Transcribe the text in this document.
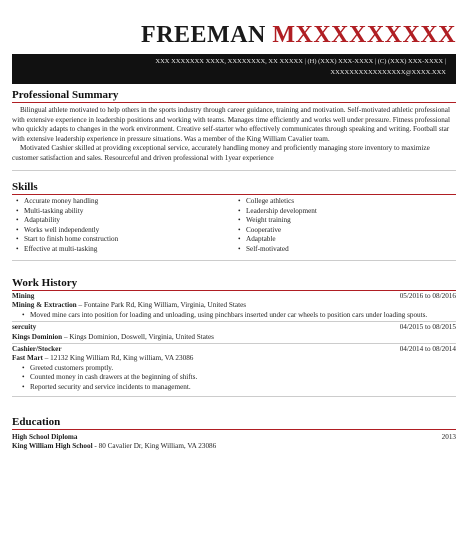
FREEMAN MXXXXXXXXX
XXX XXXXXXX XXXX, XXXXXXXX, XX XXXXX | (H) (XXX) XXX-XXXX | (C) (XXX) XXX-XXXX |
XXXXXXXXXXXXXXXX@XXXX.XXX
Professional Summary

Bilingual athlete motivated to help others in the sports industry through career guidance, training and motivation. Self-motivated athletic professional with extensive experience in leadership positions and working with teams. Manages time efficiently and works well under pressure. Fitness professional who quickly adapts to changes in the work environment. Creative self-starter who effectively communicates through speaking and writing. Football star with extensive leadership experience in pressure situations. Was a member of the King William Cavalier team.

Motivated Cashier skilled at providing exceptional service, accurately handling money and proficiently managing store inventory to maximize customer satisfaction and sales. Resourceful and driven professional with 1year experience

Skills
• Accurate money handling
• Multi-tasking ability
• Adaptability
• Works well independently
• Start to finish home construction
• Effective at multi-tasking
• College athletics
• Leadership development
• Weight training
• Cooperative
• Adaptable
• Self-motivated
Work History
Mining	05/2016 to 08/2016
Mining & Extraction – Fontaine Park Rd, King William, Virginia, United States
• Moved mine cars into position for loading and unloading, using pinchbars inserted under car wheels to position cars under loading spouts.
sercuity	04/2015 to 08/2015
Kings Dominion – Kings Dominion, Doswell, Virginia, United States
Cashier/Stocker	04/2014 to 08/2014
Fast Mart – 12132 King William Rd, King william, VA 23086
• Greeted customers promptly.
• Counted money in cash drawers at the beginning of shifts.
• Reported security and service incidents to management.
Education
High School Diploma	2013
King William High School - 80 Cavalier Dr, King William, VA 23086
